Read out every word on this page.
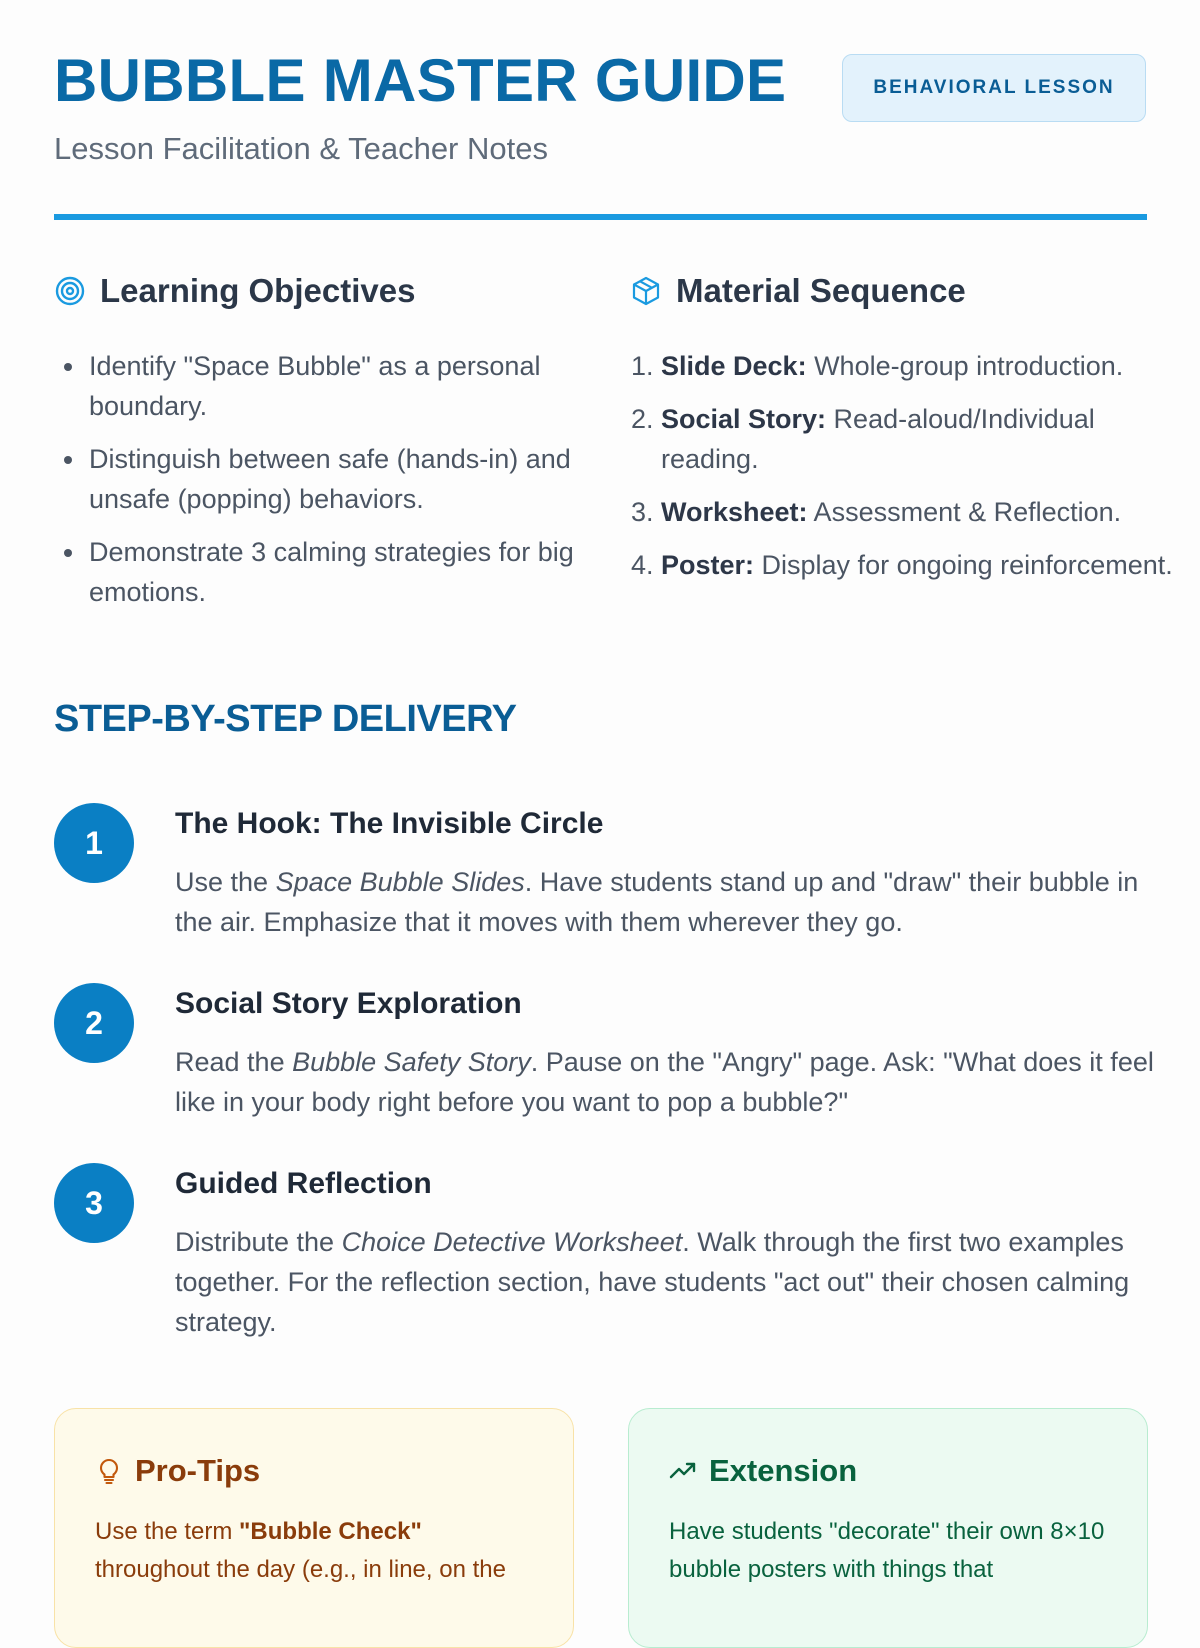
BUBBLE MASTER GUIDE
Lesson Facilitation & Teacher Notes
BEHAVIORAL LESSON
Learning Objectives
• Identify "Space Bubble" as a personal boundary.
• Distinguish between safe (hands-in) and unsafe (popping) behaviors.
• Demonstrate 3 calming strategies for big emotions.
Material Sequence
1. Slide Deck: Whole-group introduction.
2. Social Story: Read-aloud/Individual reading.
3. Worksheet: Assessment & Reflection.
4. Poster: Display for ongoing reinforcement.
STEP-BY-STEP DELIVERY
1
The Hook: The Invisible Circle

Use the Space Bubble Slides. Have students stand up and "draw" their bubble in the air. Emphasize that it moves with them wherever they go.

2
Social Story Exploration

Read the Bubble Safety Story. Pause on the "Angry" page. Ask: "What does it feel like in your body right before you want to pop a bubble?"

3
Guided Reflection

Distribute the Choice Detective Worksheet. Walk through the first two examples together. For the reflection section, have students "act out" their chosen calming strategy.

Pro-Tips

Use the term "Bubble Check" throughout the day (e.g., in line, on the

Extension

Have students "decorate" their own 8×10 bubble posters with things that
